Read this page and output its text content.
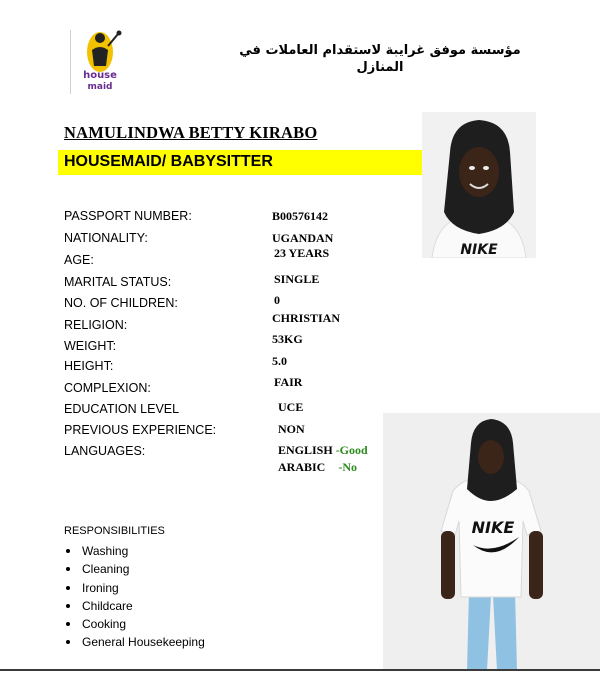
house
maid
مؤسسة موفق غرايبة لاستقدام العاملات في المنازل
NAMULINDWA BETTY KIRABO
HOUSEMAID/ BABYSITTER
PASSPORT NUMBER:
NATIONALITY:
AGE:
MARITAL STATUS:
NO. OF CHILDREN:
RELIGION:
WEIGHT:
HEIGHT:
COMPLEXION:
EDUCATION LEVEL
PREVIOUS EXPERIENCE:
LANGUAGES:
B00576142
UGANDAN
23 YEARS
SINGLE
0
CHRISTIAN
53KG
5.0
FAIR
UCE
NON
ENGLISH -Good
ARABIC -No
RESPONSIBILITIES
Washing
Cleaning
Ironing
Childcare
Cooking
General Housekeeping
NIKE
NIKE
